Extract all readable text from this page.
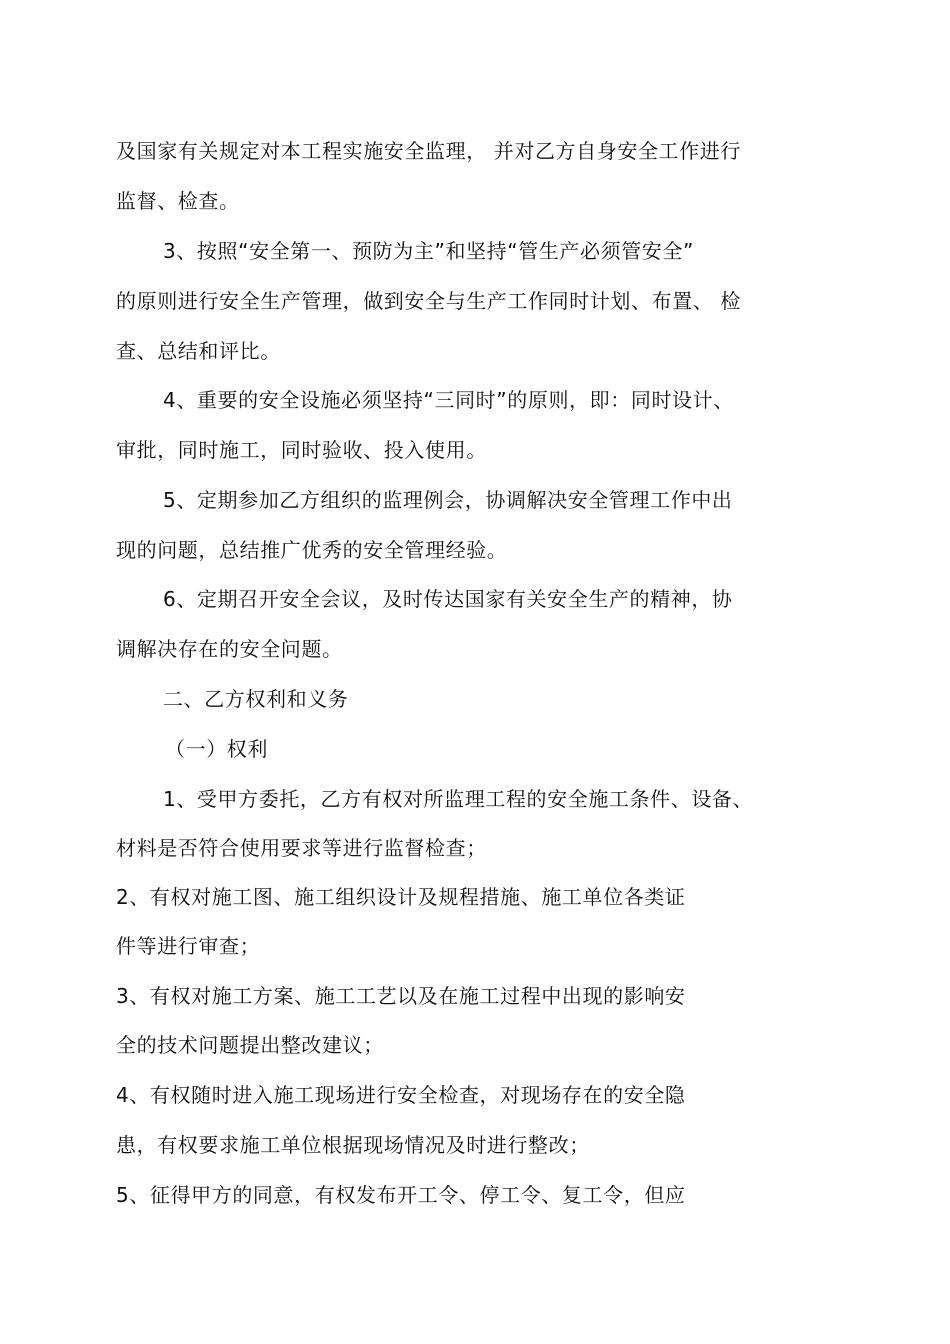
及国家有关规定对本工程实施安全监理， 并对乙方自身安全工作进行
监督、检查。
3、按照“安全第一、预防为主”和坚持“管生产必须管安全”
的原则进行安全生产管理，做到安全与生产工作同时计划、布置、 检
查、总结和评比。
4、重要的安全设施必须坚持“三同时”的原则，即：同时设计、
审批，同时施工，同时验收、投入使用。
5、定期参加乙方组织的监理例会，协调解决安全管理工作中出
现的问题，总结推广优秀的安全管理经验。
6、定期召开安全会议，及时传达国家有关安全生产的精神，协
调解决存在的安全问题。
二、乙方权利和义务
（一）权利
1、受甲方委托，乙方有权对所监理工程的安全施工条件、设备、
材料是否符合使用要求等进行监督检查；
2、有权对施工图、施工组织设计及规程措施、施工单位各类证
件等进行审查；
3、有权对施工方案、施工工艺以及在施工过程中出现的影响安
全的技术问题提出整改建议；
4、有权随时进入施工现场进行安全检查，对现场存在的安全隐
患，有权要求施工单位根据现场情况及时进行整改；
5、征得甲方的同意，有权发布开工令、停工令、复工令，但应
